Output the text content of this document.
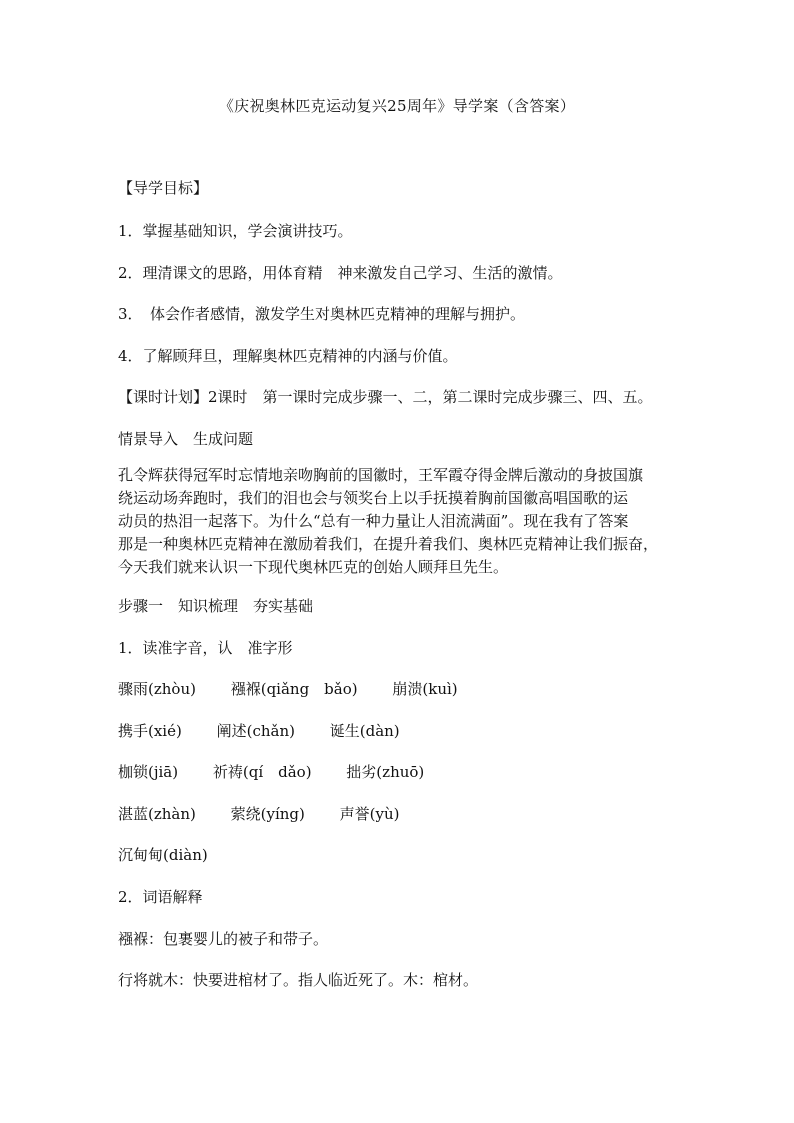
《庆祝奥林匹克运动复兴25周年》导学案（含答案）
【导学目标】
1．掌握基础知识，学会演讲技巧。
2．理清课文的思路，用体育精　神来激发自己学习、生活的激情。
3．　体会作者感情，激发学生对奥林匹克精神的理解与拥护。
4．了解顾拜旦，理解奥林匹克精神的内涵与价值。
【课时计划】2课时　第一课时完成步骤一、二，第二课时完成步骤三、四、五。
情景导入　生成问题
孔令辉获得冠军时忘情地亲吻胸前的国徽时，王军霞夺得金牌后激动的身披国旗
绕运动场奔跑时，我们的泪也会与领奖台上以手抚摸着胸前国徽高唱国歌的运
动员的热泪一起落下。为什么“总有一种力量让人泪流满面”。现在我有了答案
那是一种奥林匹克精神在激励着我们，在提升着我们、奥林匹克精神让我们振奋，
今天我们就来认识一下现代奥林匹克的创始人顾拜旦先生。
步骤一　知识梳理　夯实基础
1．读准字音，认　准字形
骤雨(zhòu)　　 襁褓(qiǎng　bǎo)　　 崩溃(kuì)
携手(xié)　　 阐述(chǎn)　　 诞生(dàn)
枷锁(jiā)　　 祈祷(qí　dǎo)　　 拙劣(zhuō)
湛蓝(zhàn)　　 萦绕(yíng)　　 声誉(yù)
沉甸甸(diàn)
2．词语解释
襁褓：包裹婴儿的被子和带子。
行将就木：快要进棺材了。指人临近死了。木：棺材。
